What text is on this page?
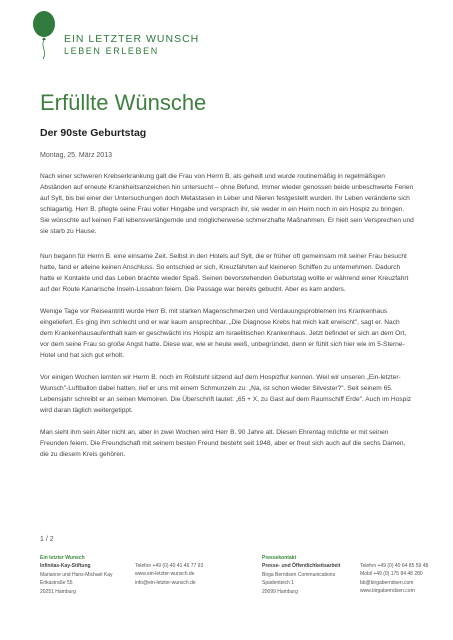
EIN LETZTER WUNSCH
LEBEN ERLEBEN
Erfüllte Wünsche
Der 90ste Geburtstag
Montag, 25. März 2013

Nach einer schweren Krebserkrankung galt die Frau von Herrn B. als geheilt und wurde routinemäßig in regelmäßigen Abständen auf erneute Krankheitsanzeichen hin untersucht – ohne Befund. Immer wieder genossen beide unbeschwerte Ferien auf Sylt, bis bei einer der Untersuchungen doch Metastasen in Leber und Nieren festgestellt wurden. Ihr Leben veränderte sich schlagartig. Herr B. pflegte seine Frau voller Hingabe und versprach ihr, sie weder in ein Heim noch in ein Hospiz zu bringen. Sie wünschte auf keinen Fall lebensverlängernde und möglicherweise schmerzhafte Maßnahmen. Er hielt sein Versprechen und sie starb zu Hause.

Nun begann für Herrn B. eine einsame Zeit. Selbst in den Hotels auf Sylt, die er früher oft gemeinsam mit seiner Frau besucht hatte, fand er alleine keinen Anschluss. So entschied er sich, Kreuzfahrten auf kleineren Schiffen zu unternehmen. Dadurch hatte er Kontakte und das Leben brachte wieder Spaß. Seinen bevorstehenden Geburtstag wollte er während einer Kreuzfahrt auf der Route Kanarische Inseln-Lissabon feiern. Die Passage war bereits gebucht. Aber es kam anders.

Wenige Tage vor Reiseantritt wurde Herr B. mit starken Magenschmerzen und Verdauungsproblemen ins Krankenhaus eingeliefert. Es ging ihm schlecht und er war kaum ansprechbar. „Die Diagnose Krebs hat mich kalt erwischt", sagt er. Nach dem Krankenhausaufenthalt kam er geschwächt ins Hospiz am Israelitischen Krankenhaus. Jetzt befindet er sich an dem Ort, vor dem seine Frau so große Angst hatte. Diese war, wie er heute weiß, unbegründet, denn er fühlt sich hier wie im 5-Sterne-Hotel und hat sich gut erholt.

Vor einigen Wochen lernten wir Herrn B. noch im Rollstuhl sitzend auf dem Hospizflur kennen. Weil wir unseren „Ein-letzter-Wunsch"-Luftballon dabei hatten, rief er uns mit einem Schmunzeln zu: „Na, ist schon wieder Silvester?". Seit seinem 65. Lebensjahr schreibt er an seinen Memoiren. Die Überschrift lautet: „65 + X, zu Gast auf dem Raumschiff Erde". Auch im Hospiz wird daran täglich weitergetippt.

Man sieht ihm sein Alter nicht an, aber in zwei Wochen wird Herr B. 90 Jahre alt. Diesen Ehrentag möchte er mit seinen Freunden feiern. Die Freundschaft mit seinem besten Freund besteht seit 1948, aber er freut sich auch auf die sechs Damen, die zu diesem Kreis gehören.

1 / 2
Ein letzter Wunsch
Infinitas-Kay-Stiftung
Marianne und Hans-Michael Kay
Erikastraße 55
20251 Hamburg
Telefon +49 (0) 40 41 46 77 93
www.ein-letzter-wunsch.de
info@ein-letzter-wunsch.de
Pressekontakt
Presse- und Öffentlichkeitsarbeit
Birga Berndsen Communications
Spadenteich 1
20099 Hamburg
Telefon +49 (0) 40 64 85 59 48
Mobil +49 (0) 175 84 48 280
bb@birgaberndsen.com
www.birgaberndsen.com
